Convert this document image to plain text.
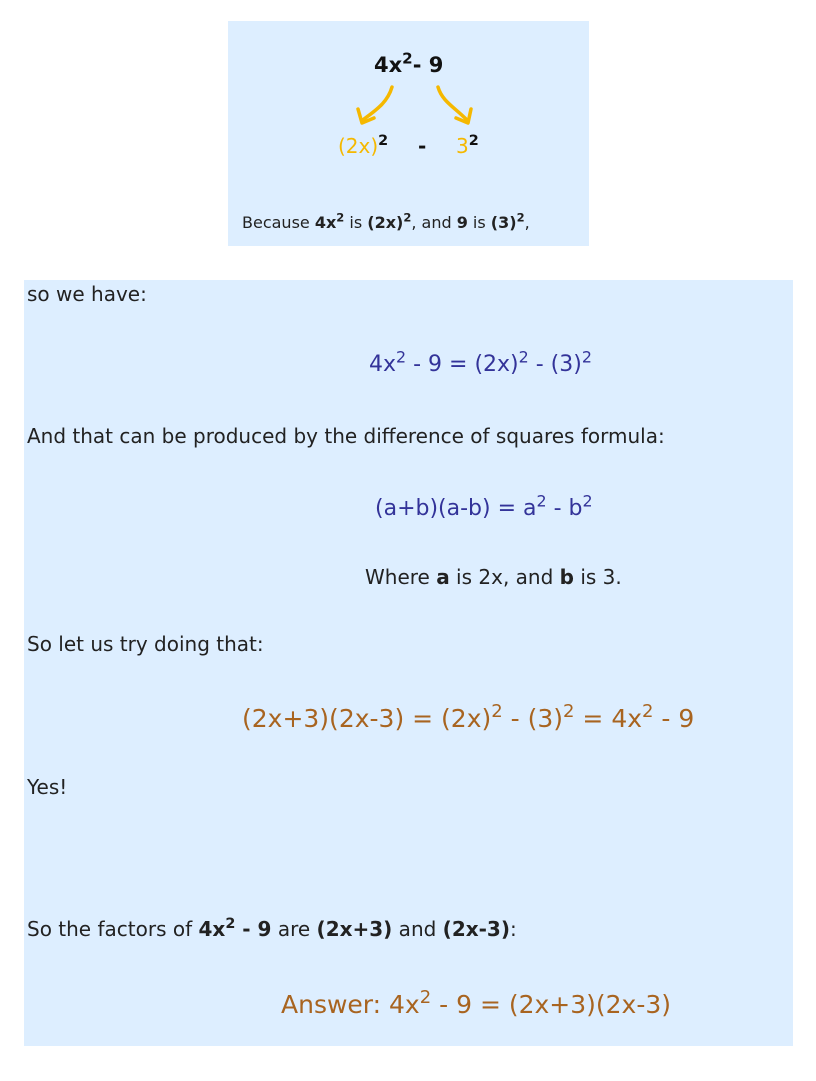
$4x^2-$ 9
$(2x)^2 - 3^2$
Because $4x^2$ is $(2x)^2$, and 9 is $(3)^2$,
so we have:
$4x^2 - 9 = (2x)^2 - (3)^2$
And that can be produced by the difference of squares formula:
$(a+b)(a-b) = a^2 - b^2$
Where a is 2x, and b is 3.
So let us try doing that:
$(2x+3)(2x-3) = (2x)^2 - (3)^2 = 4x^2 - 9$
Yes!
So the factors of $4x^2 - 9$ are (2x+3) and (2x-3):
Answer: $4x^2 - 9 = (2x+3)(2x-3)$
